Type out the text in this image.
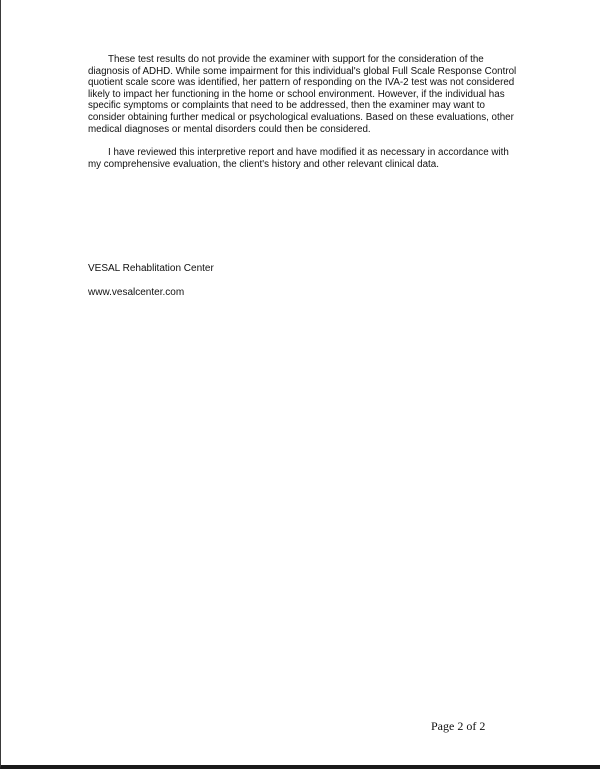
These test results do not provide the examiner with support for the consideration of the diagnosis of ADHD. While some impairment for this individual's global Full Scale Response Control quotient scale score was identified, her pattern of responding on the IVA-2 test was not considered likely to impact her functioning in the home or school environment. However, if the individual has specific symptoms or complaints that need to be addressed, then the examiner may want to consider obtaining further medical or psychological evaluations. Based on these evaluations, other medical diagnoses or mental disorders could then be considered.

I have reviewed this interpretive report and have modified it as necessary in accordance with my comprehensive evaluation, the client's history and other relevant clinical data.

VESAL Rehablitation Center

www.vesalcenter.com

Page 2 of 2
